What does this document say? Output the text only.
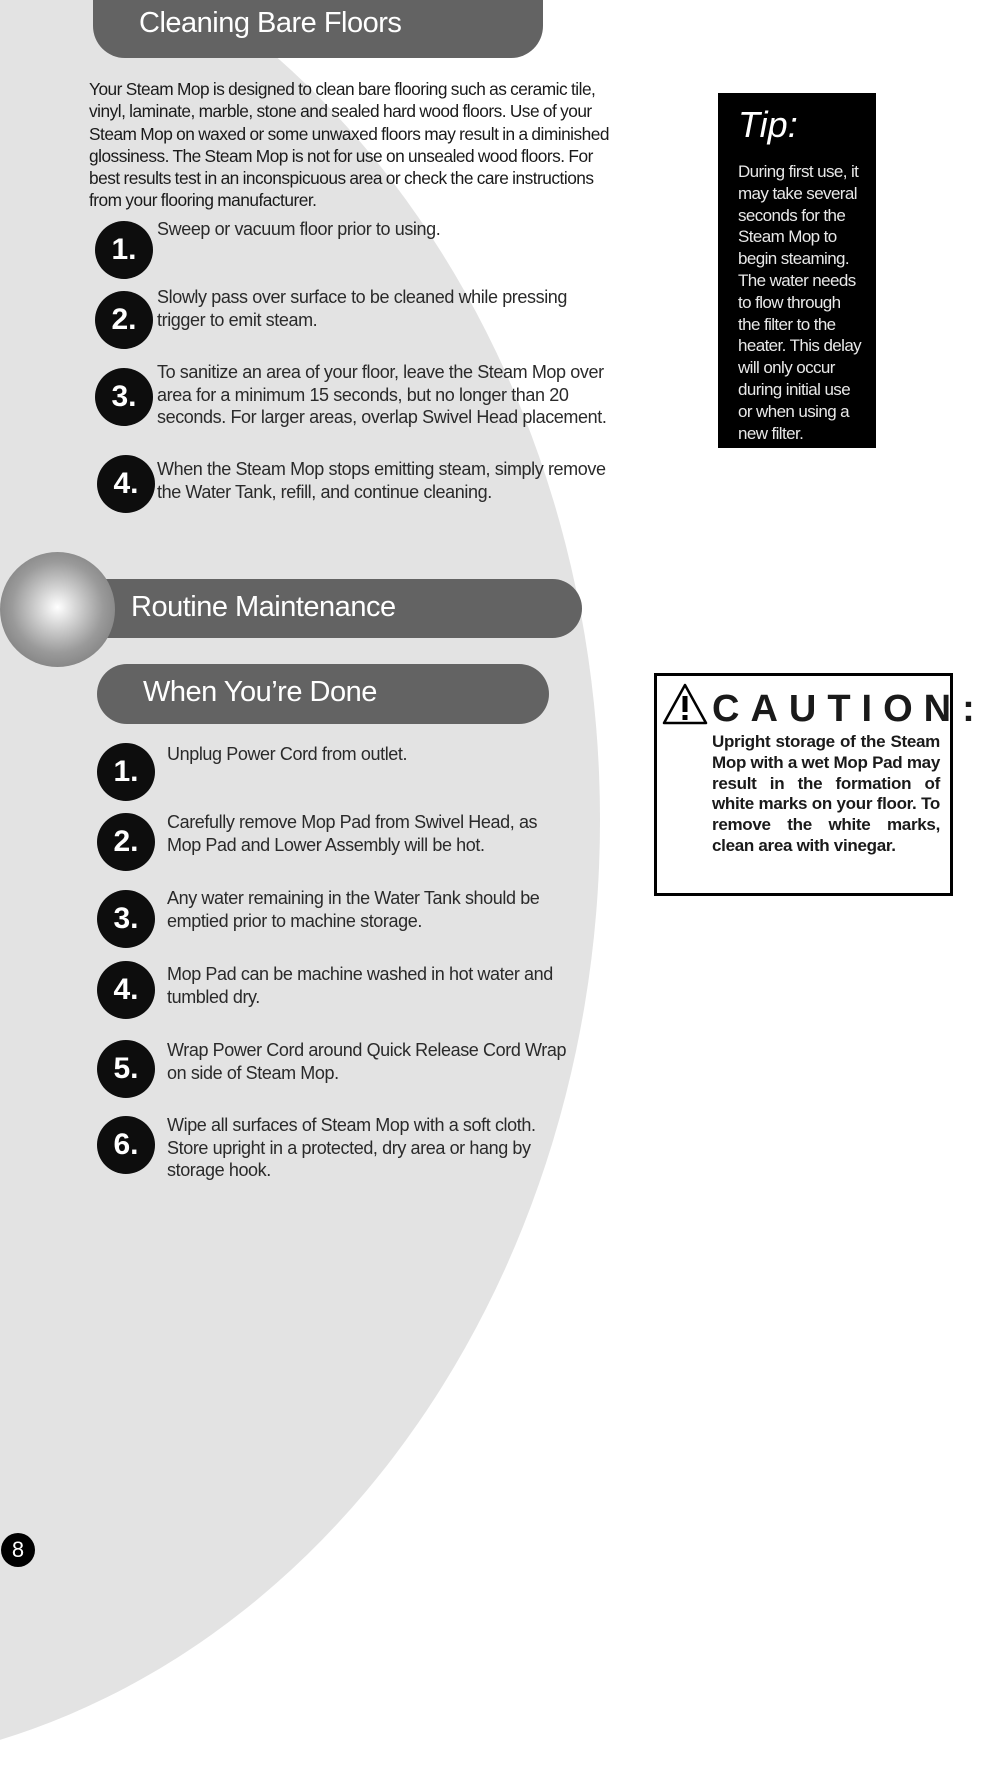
Cleaning Bare Floors

Your Steam Mop is designed to clean bare flooring such as ceramic tile, vinyl, laminate, marble, stone and sealed hard wood floors. Use of your Steam Mop on waxed or some unwaxed floors may result in a diminished glossiness. The Steam Mop is not for use on unsealed wood floors. For best results test in an inconspicuous area or check the care instructions from your flooring manufacturer.

1.

Sweep or vacuum floor prior to using.

2.

Slowly pass over surface to be cleaned while pressing trigger to emit steam.

3.

To sanitize an area of your floor, leave the Steam Mop over area for a minimum 15 seconds, but no longer than 20 seconds. For larger areas, overlap Swivel Head placement.

4.	When the Steam Mop stops emitting steam, simply remove the Water Tank, refill, and continue cleaning.

Tip:

During first use, it may take several seconds for the Steam Mop to begin steaming. The water needs to flow through the filter to the heater. This delay will only occur during initial use or when using a new filter.

Routine Maintenance
When You’re Done
1.

Unplug Power Cord from outlet.

2.

Carefully remove Mop Pad from Swivel Head, as Mop Pad and Lower Assembly will be hot.

3.

Any water remaining in the Water Tank should be emptied prior to machine storage.

4.	Mop Pad can be machine washed in hot water and tumbled dry.

5.

Wrap Power Cord around Quick Release Cord Wrap on side of Steam Mop.

6.

Wipe all surfaces of Steam Mop with a soft cloth. Store upright in a protected, dry area or hang by storage hook.

CAUTION:

Upright storage of the Steam Mop with a wet Mop Pad may result in the formation of white marks on your floor. To remove the white marks, clean area with vinegar.

8
